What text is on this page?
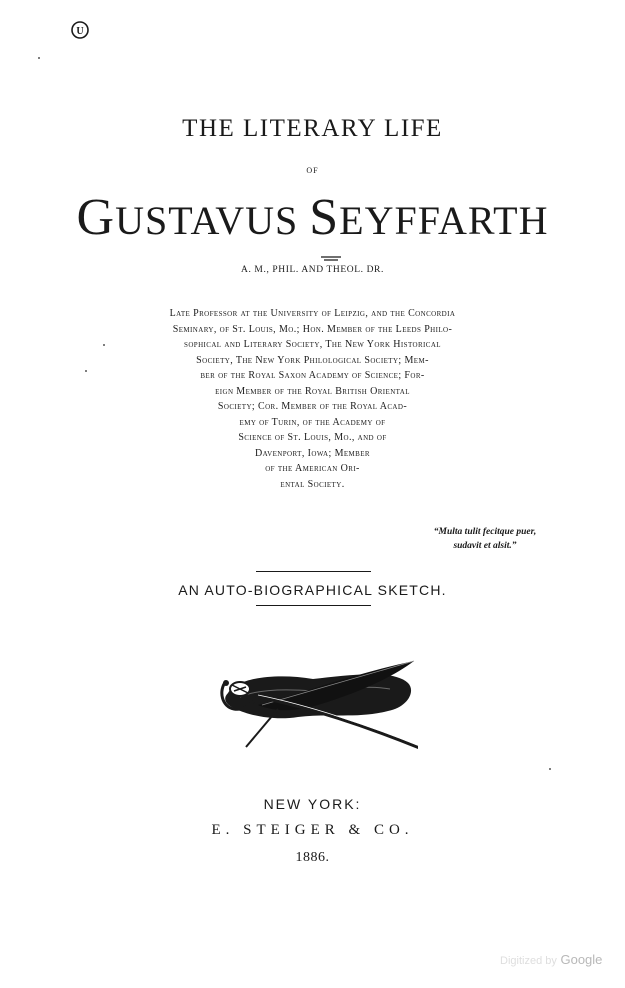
U
THE LITERARY LIFE
OF
GUSTAVUS SEYFFARTH
A. M., PHIL. AND THEOL. DR.
Late Professor at the University of Leipzig, and the Concordia
Seminary, of St. Louis, Mo.; Hon. Member of the Leeds Philo-
sophical and Literary Society, The New York Historical
Society, The New York Philological Society; Mem-
ber of the Royal Saxon Academy of Science; For-
eign Member of the Royal British Oriental
Society; Cor. Member of the Royal Acad-
emy of Turin, of the Academy of
Science of St. Louis, Mo., and of
Davenport, Iowa; Member
of the American Ori-
ental Society.
“Multa tulit fecitque puer,
sudavit et alsit.”
AN AUTO-BIOGRAPHICAL SKETCH.
NEW YORK:
E. STEIGER & CO.
1886.
Digitized by Google
